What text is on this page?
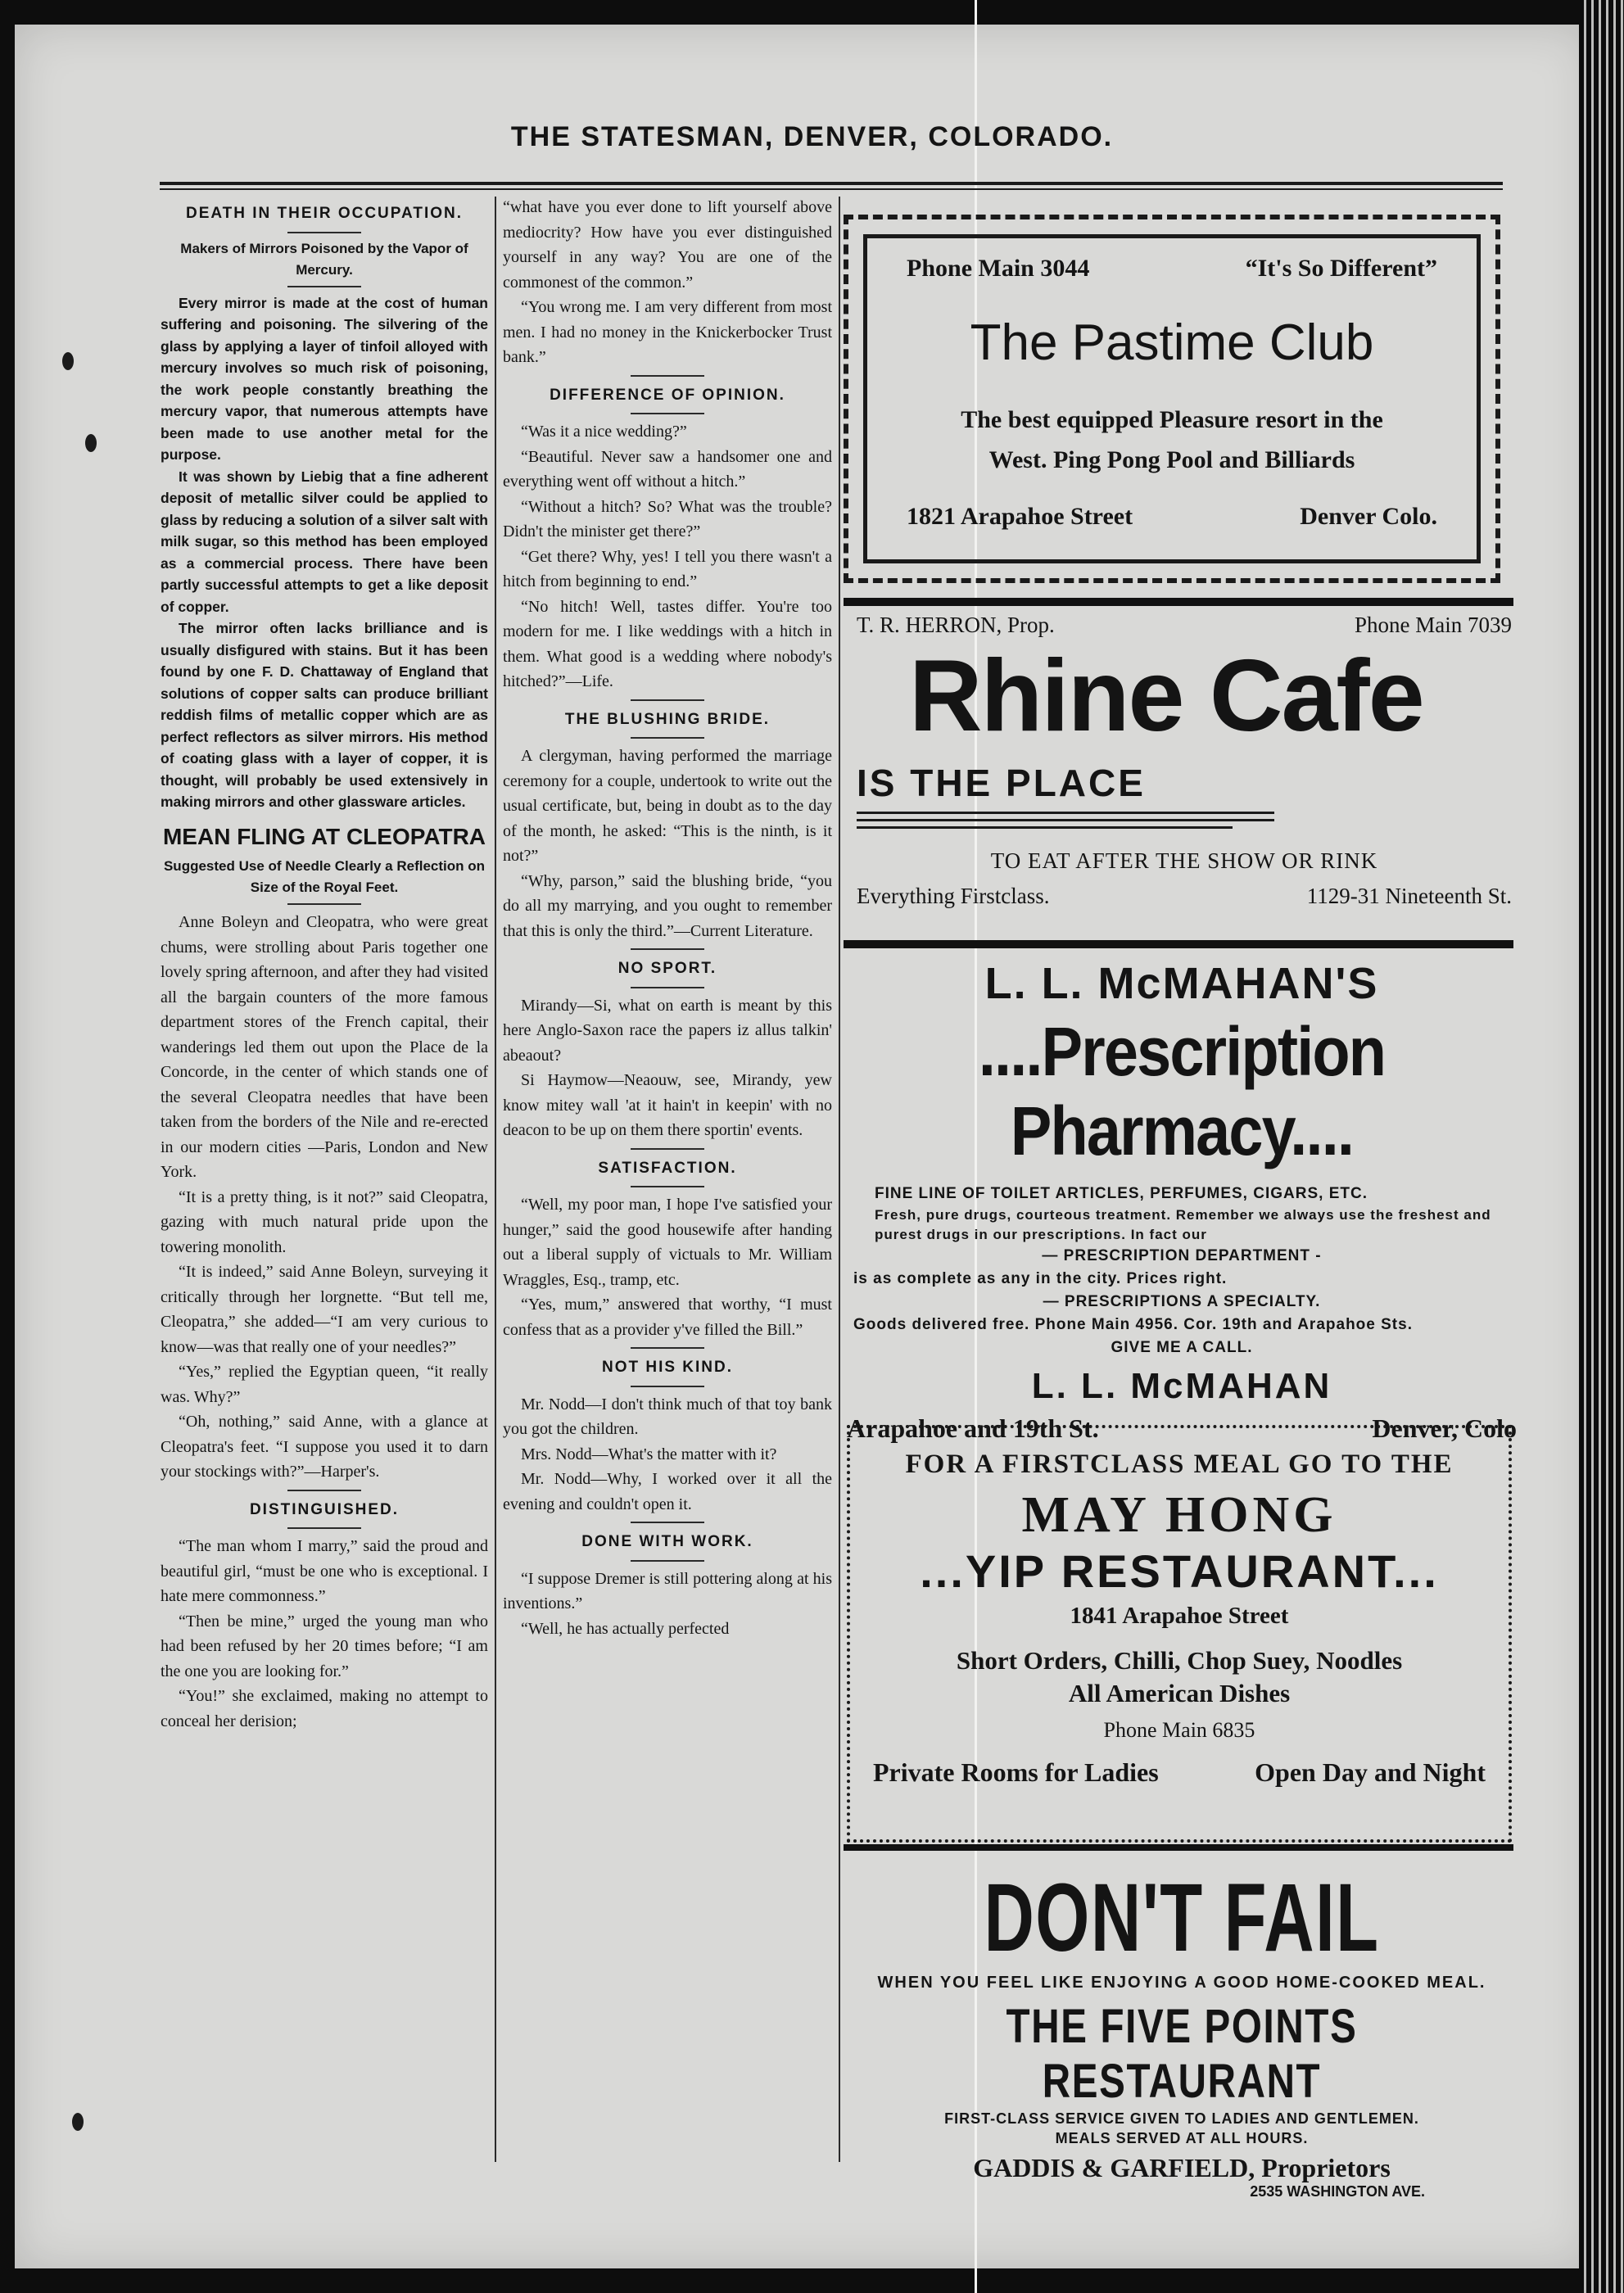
THE STATESMAN, DENVER, COLORADO.
DEATH IN THEIR OCCUPATION.
Makers of Mirrors Poisoned by the Vapor of Mercury.

Every mirror is made at the cost of human suffering and poisoning. The silvering of the glass by applying a layer of tinfoil alloyed with mercury involves so much risk of poisoning, the work people constantly breathing the mercury vapor, that numerous attempts have been made to use another metal for the purpose.

It was shown by Liebig that a fine adherent deposit of metallic silver could be applied to glass by reducing a solution of a silver salt with milk sugar, so this method has been employed as a commercial process. There have been partly successful attempts to get a like deposit of copper.

The mirror often lacks brilliance and is usually disfigured with stains. But it has been found by one F. D. Chattaway of England that solutions of copper salts can produce brilliant reddish films of metallic copper which are as perfect reflectors as silver mirrors. His method of coating glass with a layer of copper, it is thought, will probably be used extensively in making mirrors and other glassware articles.

MEAN FLING AT CLEOPATRA
Suggested Use of Needle Clearly a Reflection on Size of the Royal Feet.

Anne Boleyn and Cleopatra, who were great chums, were strolling about Paris together one lovely spring afternoon, and after they had visited all the bargain counters of the more famous department stores of the French capital, their wanderings led them out upon the Place de la Concorde, in the center of which stands one of the several Cleopatra needles that have been taken from the borders of the Nile and re-erected in our modern cities —Paris, London and New York.

“It is a pretty thing, is it not?” said Cleopatra, gazing with much natural pride upon the towering monolith.

“It is indeed,” said Anne Boleyn, surveying it critically through her lorgnette. “But tell me, Cleopatra,” she added—“I am very curious to know—was that really one of your needles?”

“Yes,” replied the Egyptian queen, “it really was. Why?”

“Oh, nothing,” said Anne, with a glance at Cleopatra's feet. “I suppose you used it to darn your stockings with?”—Harper's.

DISTINGUISHED.

“The man whom I marry,” said the proud and beautiful girl, “must be one who is exceptional. I hate mere commonness.”

“Then be mine,” urged the young man who had been refused by her 20 times before; “I am the one you are looking for.”

“You!” she exclaimed, making no attempt to conceal her derision;

“what have you ever done to lift yourself above mediocrity? How have you ever distinguished yourself in any way? You are one of the commonest of the common.”

“You wrong me. I am very different from most men. I had no money in the Knickerbocker Trust bank.”

DIFFERENCE OF OPINION.

“Was it a nice wedding?”

“Beautiful. Never saw a handsomer one and everything went off without a hitch.”

“Without a hitch? So? What was the trouble? Didn't the minister get there?”

“Get there? Why, yes! I tell you there wasn't a hitch from beginning to end.”

“No hitch! Well, tastes differ. You're too modern for me. I like weddings with a hitch in them. What good is a wedding where nobody's hitched?”—Life.

THE BLUSHING BRIDE.

A clergyman, having performed the marriage ceremony for a couple, undertook to write out the usual certificate, but, being in doubt as to the day of the month, he asked: “This is the ninth, is it not?”

“Why, parson,” said the blushing bride, “you do all my marrying, and you ought to remember that this is only the third.”—Current Literature.

NO SPORT.

Mirandy—Si, what on earth is meant by this here Anglo-Saxon race the papers iz allus talkin' abeaout?

Si Haymow—Neaouw, see, Mirandy, yew know mitey wall 'at it hain't in keepin' with no deacon to be up on them there sportin' events.

SATISFACTION.

“Well, my poor man, I hope I've satisfied your hunger,” said the good housewife after handing out a liberal supply of victuals to Mr. William Wraggles, Esq., tramp, etc.

“Yes, mum,” answered that worthy, “I must confess that as a provider y've filled the Bill.”

NOT HIS KIND.

Mr. Nodd—I don't think much of that toy bank you got the children.

Mrs. Nodd—What's the matter with it?

Mr. Nodd—Why, I worked over it all the evening and couldn't open it.

DONE WITH WORK.

“I suppose Dremer is still pottering along at his inventions.”

“Well, he has actually perfected

Phone Main 3044	“It's So Different”
The Pastime Club
The best equipped Pleasure resort in the
West. Ping Pong Pool and Billiards
1821 Arapahoe Street	Denver Colo.
T. R. HERRON, Prop.	Phone Main 7039
Rhine Cafe
IS THE PLACE
TO EAT AFTER THE SHOW OR RINK
Everything Firstclass.	1129-31 Nineteenth St.
L. L. McMAHAN'S
....Prescription Pharmacy....
FINE LINE OF TOILET ARTICLES, PERFUMES, CIGARS, ETC.
Fresh, pure drugs, courteous treatment. Remember we always use the freshest and purest drugs in our prescriptions. In fact our
— PRESCRIPTION DEPARTMENT -
is as complete as any in the city. Prices right.
— PRESCRIPTIONS A SPECIALTY.
Goods delivered free. Phone Main 4956. Cor. 19th and Arapahoe Sts.
GIVE ME A CALL.
L. L. McMAHAN
Arapahoe and 19th St.	Denver, Colo
FOR A FIRSTCLASS MEAL GO TO THE
MAY HONG
...YIP RESTAURANT...
1841 Arapahoe Street
Short Orders, Chilli, Chop Suey, Noodles
All American Dishes
Phone Main 6835
Private Rooms for Ladies	Open Day and Night
DON'T FAIL
WHEN YOU FEEL LIKE ENJOYING A GOOD HOME-COOKED MEAL.
THE FIVE POINTS RESTAURANT
FIRST-CLASS SERVICE GIVEN TO LADIES AND GENTLEMEN.
MEALS SERVED AT ALL HOURS.
GADDIS & GARFIELD, Proprietors
2535 WASHINGTON AVE.
